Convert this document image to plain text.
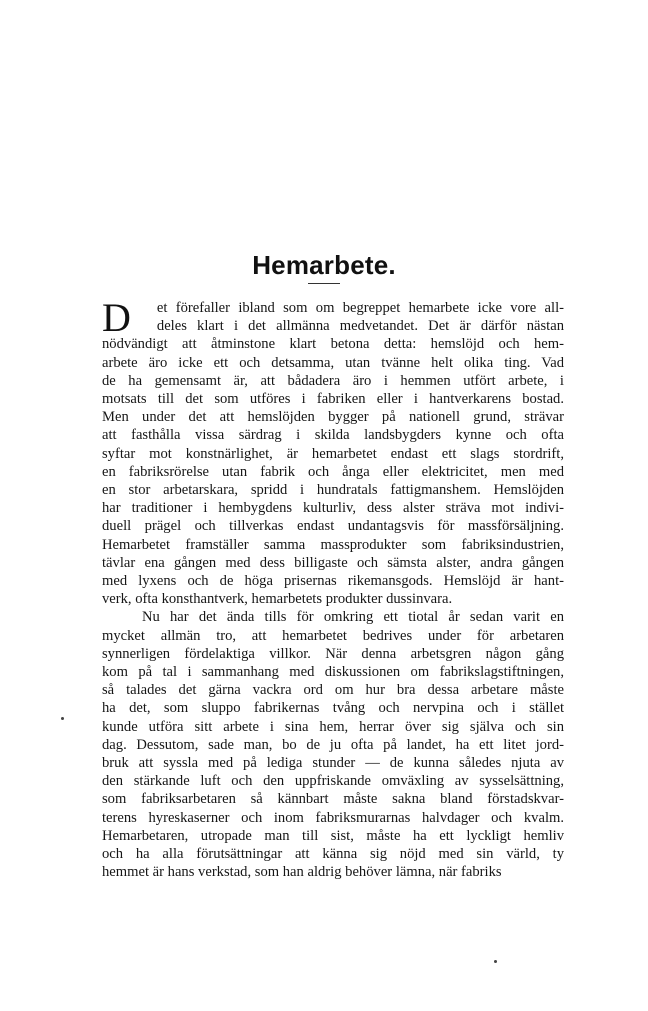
Hemarbete.
D	et förefaller ibland som om begreppet hemarbete icke vore all-
deles klart i det allmänna medvetandet. Det är därför nästan
nödvändigt att åtminstone klart betona detta: hemslöjd och hem-
arbete äro icke ett och detsamma, utan tvänne helt olika ting. Vad
de ha gemensamt är, att bådadera äro i hemmen utfört arbete, i
motsats till det som utföres i fabriken eller i hantverkarens bostad.
Men under det att hemslöjden bygger på nationell grund, strävar
att fasthålla vissa särdrag i skilda landsbygders kynne och ofta
syftar mot konstnärlighet, är hemarbetet endast ett slags stordrift,
en fabriksrörelse utan fabrik och ånga eller elektricitet, men med
en stor arbetarskara, spridd i hundratals fattigmanshem. Hemslöjden
har traditioner i hembygdens kulturliv, dess alster sträva mot indivi-
duell prägel och tillverkas endast undantagsvis för massförsäljning.
Hemarbetet framställer samma massprodukter som fabriksindustrien,
tävlar ena gången med dess billigaste och sämsta alster, andra gången
med lyxens och de höga prisernas rikemansgods. Hemslöjd är hant-
verk, ofta konsthantverk, hemarbetets produkter dussinvara.
Nu har det ända tills för omkring ett tiotal år sedan varit en
mycket allmän tro, att hemarbetet bedrives under för arbetaren
synnerligen fördelaktiga villkor. När denna arbetsgren någon gång
kom på tal i sammanhang med diskussionen om fabrikslagstiftningen,
så talades det gärna vackra ord om hur bra dessa arbetare måste
ha det, som sluppo fabrikernas tvång och nervpina och i stället
kunde utföra sitt arbete i sina hem, herrar över sig själva och sin
dag. Dessutom, sade man, bo de ju ofta på landet, ha ett litet jord-
bruk att syssla med på lediga stunder — de kunna således njuta av
den stärkande luft och den uppfriskande omväxling av sysselsättning,
som fabriksarbetaren så kännbart måste sakna bland förstadskvar-
terens hyreskaserner och inom fabriksmurarnas halvdager och kvalm.
Hemarbetaren, utropade man till sist, måste ha ett lyckligt hemliv
och ha alla förutsättningar att känna sig nöjd med sin värld, ty
hemmet är hans verkstad, som han aldrig behöver lämna, när fabriks
